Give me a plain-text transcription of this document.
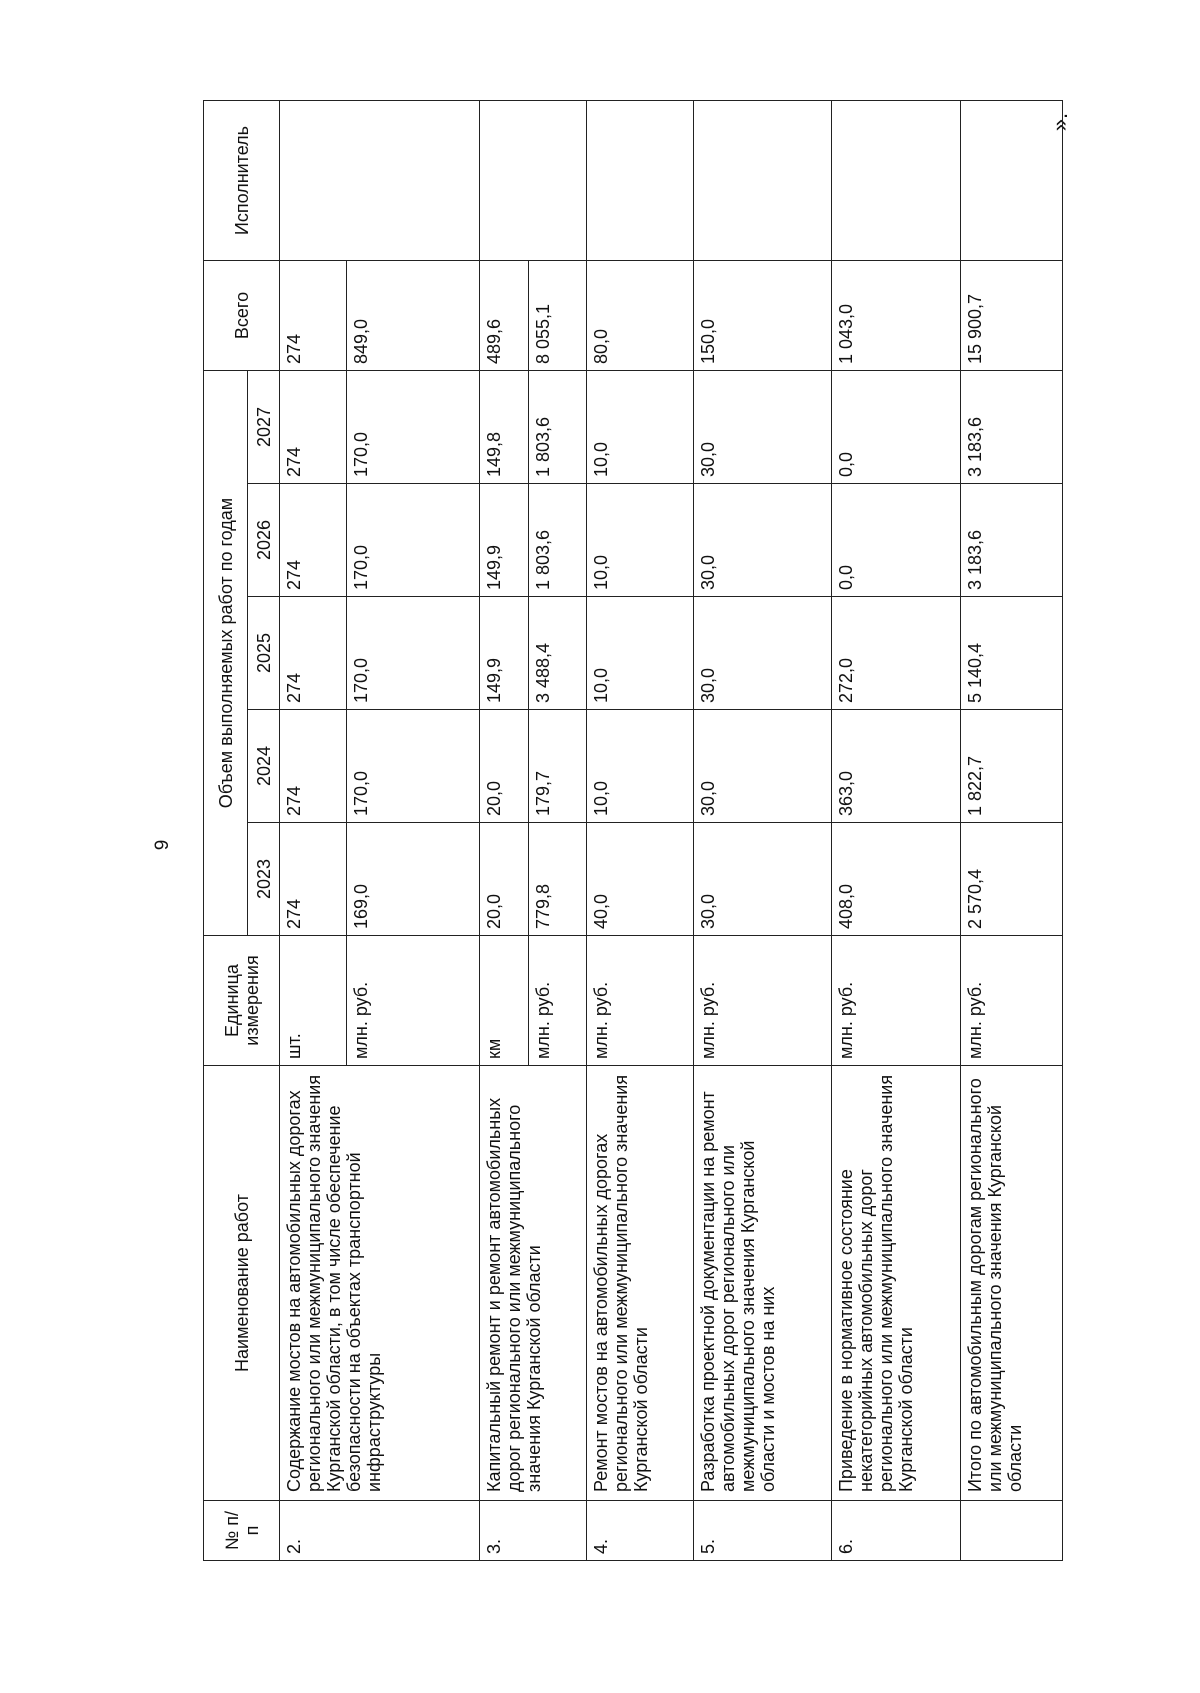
9
».
№ п/п	Наименование работ	Единица измерения	Объем выполняемых работ по годам					Всего	Исполнитель
			2023	2024	2025	2026	2027		
2.	Содержание мостов на автомобильных дорогах регионального или межмуниципального значения Курганской области, в том числе обеспечение безопасности на объектах транспортной инфраструктуры	шт.	274	274	274	274	274	274	
		млн. руб.	169,0	170,0	170,0	170,0	170,0	849,0	
3.	Капитальный ремонт и ремонт автомобильных дорог регионального или межмуниципального значения Курганской области	км	20,0	20,0	149,9	149,9	149,8	489,6	
		млн. руб.	779,8	179,7	3 488,4	1 803,6	1 803,6	8 055,1	
4.	Ремонт мостов на автомобильных дорогах регионального или межмуниципального значения Курганской области	млн. руб.	40,0	10,0	10,0	10,0	10,0	80,0	
5.	Разработка проектной документации на ремонт автомобильных дорог регионального или межмуниципального значения Курганской области и мостов на них	млн. руб.	30,0	30,0	30,0	30,0	30,0	150,0	
6.	Приведение в нормативное состояние некатегорийных автомобильных дорог регионального или межмуниципального значения Курганской области	млн. руб.	408,0	363,0	272,0	0,0	0,0	1 043,0	
	Итого по автомобильным дорогам регионального или межмуниципального значения Курганской области	млн. руб.	2 570,4	1 822,7	5 140,4	3 183,6	3 183,6	15 900,7	
